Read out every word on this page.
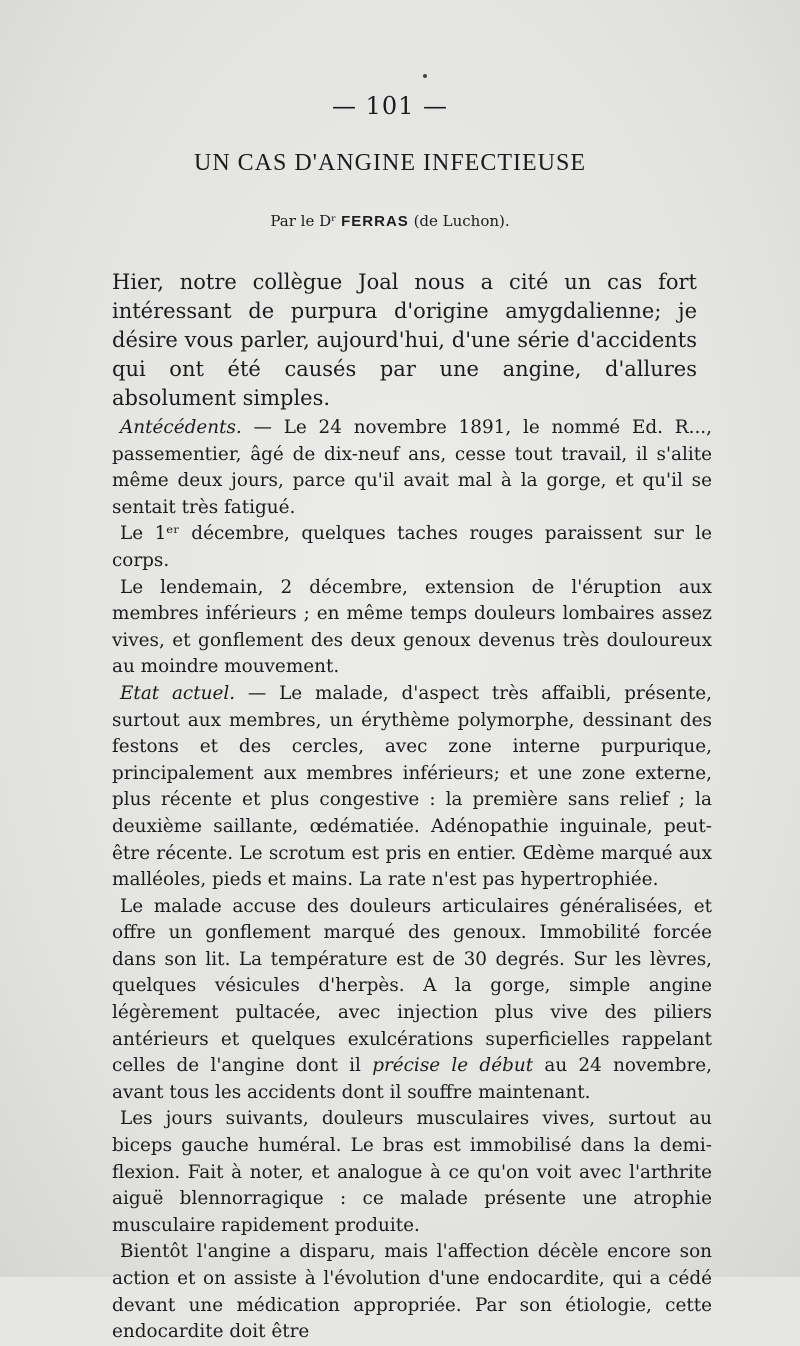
— 101 —
UN CAS D'ANGINE INFECTIEUSE
Par le Dʳ FERRAS (de Luchon).
Hier, notre collègue Joal nous a cité un cas fort intéressant de purpura d'origine amygdalienne; je désire vous parler, aujourd'hui, d'une série d'accidents qui ont été causés par une angine, d'allures absolument simples.

Antécédents. — Le 24 novembre 1891, le nommé Ed. R..., passementier, âgé de dix-neuf ans, cesse tout travail, il s'alite même deux jours, parce qu'il avait mal à la gorge, et qu'il se sentait très fatigué.

Le 1ᵉʳ décembre, quelques taches rouges paraissent sur le corps.

Le lendemain, 2 décembre, extension de l'éruption aux membres inférieurs ; en même temps douleurs lombaires assez vives, et gonflement des deux genoux devenus très douloureux au moindre mouvement.

Etat actuel. — Le malade, d'aspect très affaibli, présente, surtout aux membres, un érythème polymorphe, dessinant des festons et des cercles, avec zone interne purpurique, principalement aux membres inférieurs; et une zone externe, plus récente et plus congestive : la première sans relief ; la deuxième saillante, œdématiée. Adénopathie inguinale, peut-être récente. Le scrotum est pris en entier. Œdème marqué aux malléoles, pieds et mains. La rate n'est pas hypertrophiée.

Le malade accuse des douleurs articulaires généralisées, et offre un gonflement marqué des genoux. Immobilité forcée dans son lit. La température est de 30 degrés. Sur les lèvres, quelques vésicules d'herpès. A la gorge, simple angine légèrement pultacée, avec injection plus vive des piliers antérieurs et quelques exulcérations superficielles rappelant celles de l'angine dont il précise le début au 24 novembre, avant tous les accidents dont il souffre maintenant.

Les jours suivants, douleurs musculaires vives, surtout au biceps gauche huméral. Le bras est immobilisé dans la demi-flexion. Fait à noter, et analogue à ce qu'on voit avec l'arthrite aiguë blennorragique : ce malade présente une atrophie musculaire rapidement produite.

Bientôt l'angine a disparu, mais l'affection décèle encore son action et on assiste à l'évolution d'une endocardite, qui a cédé devant une médication appropriée. Par son étiologie, cette endocardite doit être
